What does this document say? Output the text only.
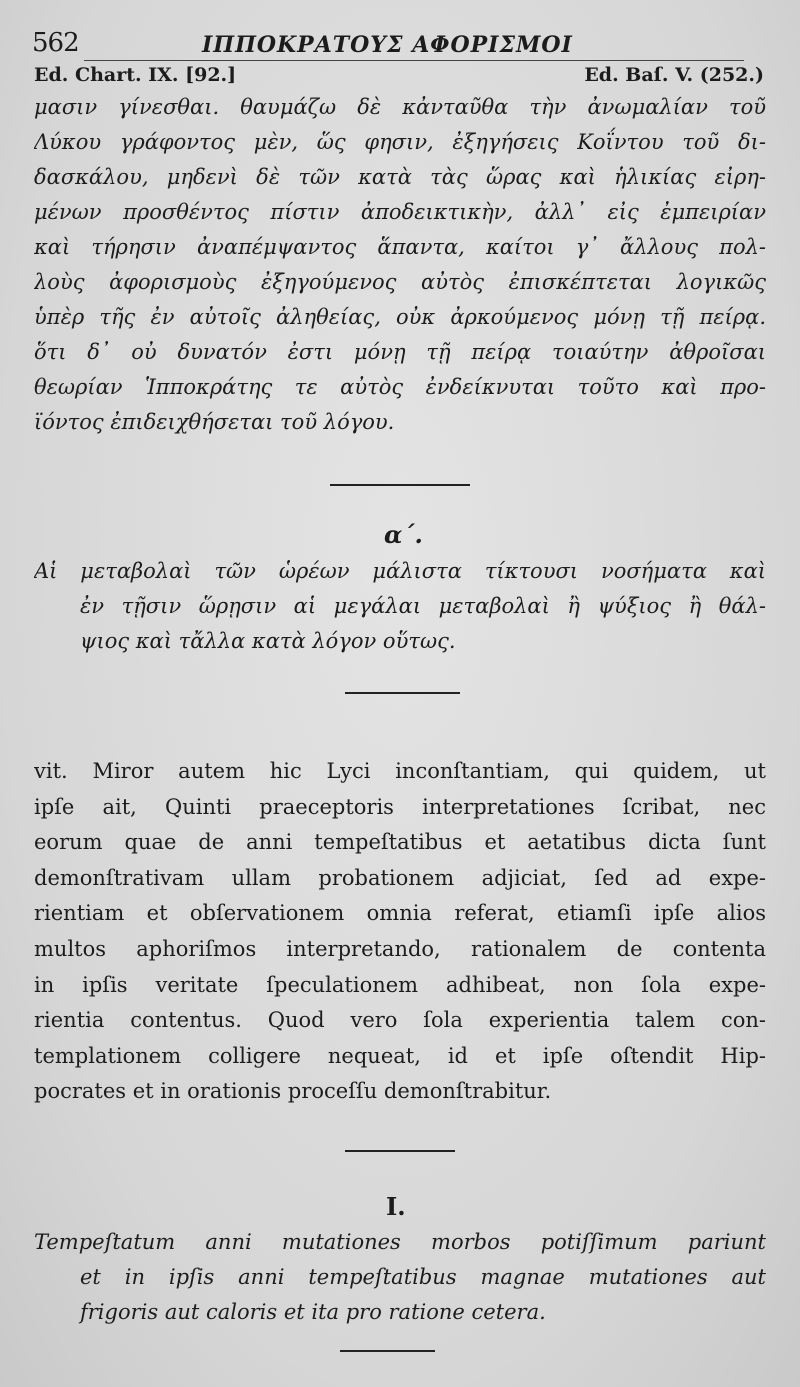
562	ΙΠΠΟΚΡΑΤΟΥΣ ΑΦΟΡΙΣΜΟΙ
Ed. Chart. IX. [92.]	Ed. Baſ. V. (252.)
μασιν γίνεσθαι. θαυμάζω δὲ κἀνταῦθα τὴν ἀνωμαλίαν τοῦ
Λύκου γράφοντος μὲν, ὥς φησιν, ἐξηγήσεις Κοΐντου τοῦ δι-
δασκάλου, μηδενὶ δὲ τῶν κατὰ τὰς ὥρας καὶ ἡλικίας εἰρη-
μένων προσθέντος πίστιν ἀποδεικτικὴν, ἀλλ᾽ εἰς ἐμπειρίαν
καὶ τήρησιν ἀναπέμψαντος ἅπαντα, καίτοι γ᾽ ἄλλους πολ-
λοὺς ἀφορισμοὺς ἐξηγούμενος αὐτὸς ἐπισκέπτεται λογικῶς
ὑπὲρ τῆς ἐν αὐτοῖς ἀληθείας, οὐκ ἀρκούμενος μόνῃ τῇ πείρᾳ.
ὅτι δ᾽ οὐ δυνατόν ἐστι μόνῃ τῇ πείρᾳ τοιαύτην ἀθροῖσαι
θεωρίαν Ἱπποκράτης τε αὐτὸς ἐνδείκνυται τοῦτο καὶ προ-
ϊόντος ἐπιδειχθήσεται τοῦ λόγου.
α΄.
Αἱ μεταβολαὶ τῶν ὡρέων μάλιστα τίκτουσι νοσήματα καὶ
ἐν τῇσιν ὥρῃσιν αἱ μεγάλαι μεταβολαὶ ἢ ψύξιος ἢ θάλ-
ψιος καὶ τἄλλα κατὰ λόγον οὕτως.
vit. Miror autem hic Lyci inconſtantiam, qui quidem, ut
ipſe ait, Quinti praeceptoris interpretationes ſcribat, nec
eorum quae de anni tempeſtatibus et aetatibus dicta ſunt
demonſtrativam ullam probationem adjiciat, ſed ad expe-
rientiam et obſervationem omnia referat, etiamſi ipſe alios
multos aphoriſmos interpretando, rationalem de contenta
in ipſis veritate ſpeculationem adhibeat, non ſola expe-
rientia contentus. Quod vero ſola experientia talem con-
templationem colligere nequeat, id et ipſe oſtendit Hip-
pocrates et in orationis proceſſu demonſtrabitur.
I.
Tempeſtatum anni mutationes morbos potiſſimum pariunt
et in ipſis anni tempeſtatibus magnae mutationes aut
frigoris aut caloris et ita pro ratione cetera.
